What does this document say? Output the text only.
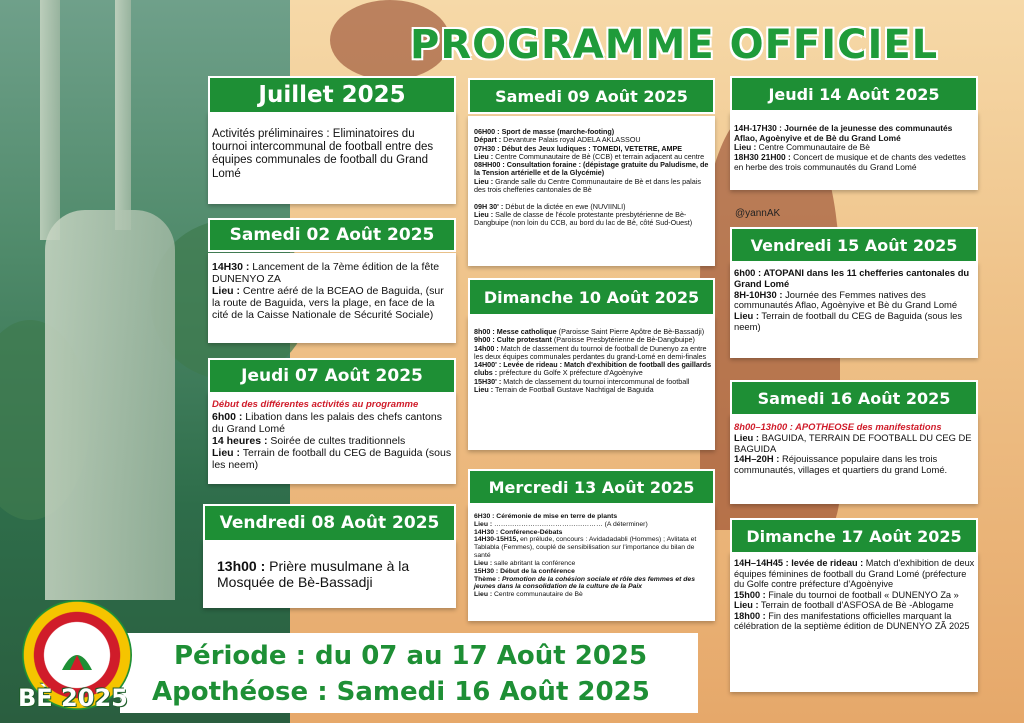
PROGRAMME OFFICIEL
Activités préliminaires : Eliminatoires du tournoi intercommunal de football entre des équipes communales de football du Grand Lomé
Juillet 2025
14H30 : Lancement de la 7ème édition de la fête DUNENYO ZA
Lieu : Centre aéré de la BCEAO de Baguida, (sur la route de Baguida, vers la plage, en face de la cité de la Caisse Nationale de Sécurité Sociale)
Samedi 02 Août 2025
Début des différentes activités au programme
6h00 : Libation dans les palais des chefs cantons du Grand Lomé
14 heures : Soirée de cultes traditionnels
Lieu : Terrain de football du CEG de Baguida (sous les neem)
Jeudi 07 Août 2025
13h00 : Prière musulmane à la Mosquée de Bè-Bassadji
Vendredi 08 Août 2025
06H00 : Sport de masse (marche-footing)
Départ : Devanture Palais royal ADELA AKLASSOU
07H30 : Début des Jeux ludiques : TOMEDI, VETETRE, AMPE
Lieu : Centre Communautaire de Bè (CCB) et terrain adjacent au centre
08HH00 : Consultation foraine : (dépistage gratuite du Paludisme, de la Tension artérielle et de la Glycémie)
Lieu : Grande salle du Centre Communautaire de Bè et dans les palais des trois chefferies cantonales de Bè

09H 30' : Début de la dictée en ewe (NUVIINLI)
Lieu : Salle de classe de l'école protestante presbytérienne de Bè-Dangbuipe (non loin du CCB, au bord du lac de Bè, côté Sud-Ouest)
Samedi 09 Août 2025
8h00 : Messe catholique (Paroisse Saint Pierre Apôtre de Bè-Bassadji)
9h00 : Culte protestant (Paroisse Presbytérienne de Bè-Dangbuipe)
14h00 : Match de classement du tournoi de football de Dunenyo za entre les deux équipes communales perdantes du grand-Lomé en demi-finales
14H00' : Levée de rideau : Match d'exhibition de football des gaillards clubs : préfecture du Golfe X préfecture d'Agoènyive
15H30' : Match de classement du tournoi intercommunal de football
Lieu : Terrain de Football Gustave Nachtigal de Baguida
Dimanche 10 Août 2025
6H30 : Cérémonie de mise en terre de plants
Lieu : ………………………………………… (A déterminer)
14H30 : Conférence-Débats
14H30-15H15, en prélude, concours : Avidadadabli (Hommes) ; Avlitata et Tablabla (Femmes), couplé de sensibilisation sur l'importance du bilan de santé
Lieu : salle abritant la conférence
15H30 : Début de la conférence
Thème : Promotion de la cohésion sociale et rôle des femmes et des jeunes dans la consolidation de la culture de la Paix
Lieu : Centre communautaire de Bè
Mercredi 13 Août 2025
14H-17H30 : Journée de la jeunesse des communautés Aflao, Agoènyive et de Bè du Grand Lomé
Lieu : Centre Communautaire de Bè
18H30 21H00 : Concert de musique et de chants des vedettes en herbe des trois communautés du Grand Lomé
Jeudi 14 Août 2025
@yannAK
6h00 : ATOPANI dans les 11 chefferies cantonales du Grand Lomé
8H-10H30 : Journée des Femmes natives des communautés Aflao, Agoènyive et Bè du Grand Lomé
Lieu : Terrain de football du CEG de Baguida (sous les neem)
Vendredi 15 Août 2025
8h00–13h00 : APOTHEOSE des manifestations
Lieu : BAGUIDA, TERRAIN DE FOOTBALL DU CEG DE BAGUIDA
14H–20H : Réjouissance populaire dans les trois communautés, villages et quartiers du grand Lomé.
Samedi 16 Août 2025
14H–14H45 : levée de rideau : Match d'exhibition de deux équipes féminines de football du Grand Lomé (préfecture du Golfe contre préfecture d'Agoènyive
15h00 : Finale du tournoi de football « DUNENYO Za »
Lieu : Terrain de football d'ASFOSA de Bè -Ablogame
18h00 : Fin des manifestations officielles marquant la célébration de la septième édition de DUNENYO ZÃ 2025
Dimanche 17 Août 2025
Période : du 07 au 17 Août 2025
Apothéose : Samedi 16 Août 2025
BÈ 2025
